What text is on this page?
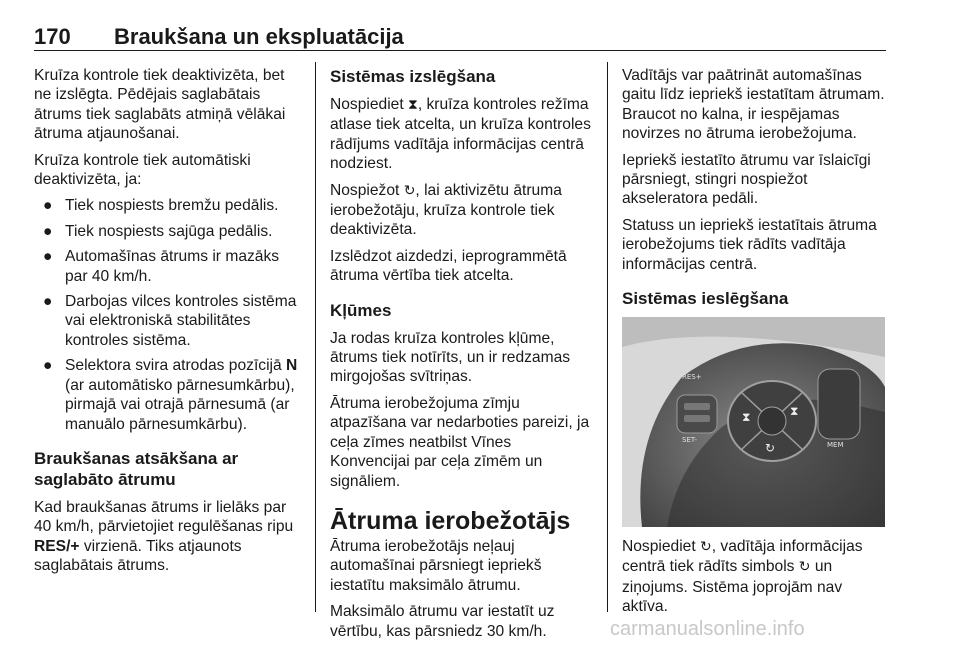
170 Braukšana un ekspluatācija

Kruīza kontrole tiek deaktivizēta, bet ne izslēgta. Pēdējais saglabātais ātrums tiek saglabāts atmiņā vēlākai ātruma atjaunošanai.

Kruīza kontrole tiek automātiski deaktivizēta, ja:

● Tiek nospiests bremžu pedālis.
● Tiek nospiests sajūga pedālis.
● Automašīnas ātrums ir mazāks par 40 km/h.
● Darbojas vilces kontroles sistēma vai elektroniskā stabilitātes kontroles sistēma.
● Selektora svira atrodas pozīcijā N (ar automātisko pārnesumkārbu), pirmajā vai otrajā pārnesumā (ar manuālo pārnesumkārbu).
Braukšanas atsākšana ar saglabāto ātrumu

Kad braukšanas ātrums ir lielāks par 40 km/h, pārvietojiet regulēšanas ripu RES/+ virzienā. Tiks atjaunots saglabātais ātrums.

Sistēmas izslēgšana

Nospiediet ⧗, kruīza kontroles režīma atlase tiek atcelta, un kruīza kontroles rādījums vadītāja informācijas centrā nodziest.

Nospiežot ↻, lai aktivizētu ātruma ierobežotāju, kruīza kontrole tiek deaktivizēta.

Izslēdzot aizdedzi, ieprogrammētā ātruma vērtība tiek atcelta.

Kļūmes

Ja rodas kruīza kontroles kļūme, ātrums tiek notīrīts, un ir redzamas mirgojošas svītriņas.

Ātruma ierobežojuma zīmju atpazīšana var nedarboties pareizi, ja ceļa zīmes neatbilst Vīnes Konvencijai par ceļa zīmēm un signāliem.

Ātruma ierobežotājs

Ātruma ierobežotājs neļauj automašīnai pārsniegt iepriekš iestatītu maksimālo ātrumu.

Maksimālo ātrumu var iestatīt uz vērtību, kas pārsniedz 30 km/h.

Vadītājs var paātrināt automašīnas gaitu līdz iepriekš iestatītam ātrumam. Braucot no kalna, ir iespējamas novirzes no ātruma ierobežojuma.

Iepriekš iestatīto ātrumu var īslaicīgi pārsniegt, stingri nospiežot akseleratora pedāli.

Statuss un iepriekš iestatītais ātruma ierobežojums tiek rādīts vadītāja informācijas centrā.

Sistēmas ieslēgšana
RES+
SET-
⧗	⧗
↻	MEM

Nospiediet ↻, vadītāja informācijas centrā tiek rādīts simbols ↻ un ziņojums. Sistēma joprojām nav aktīva.

carmanualsonline.info
